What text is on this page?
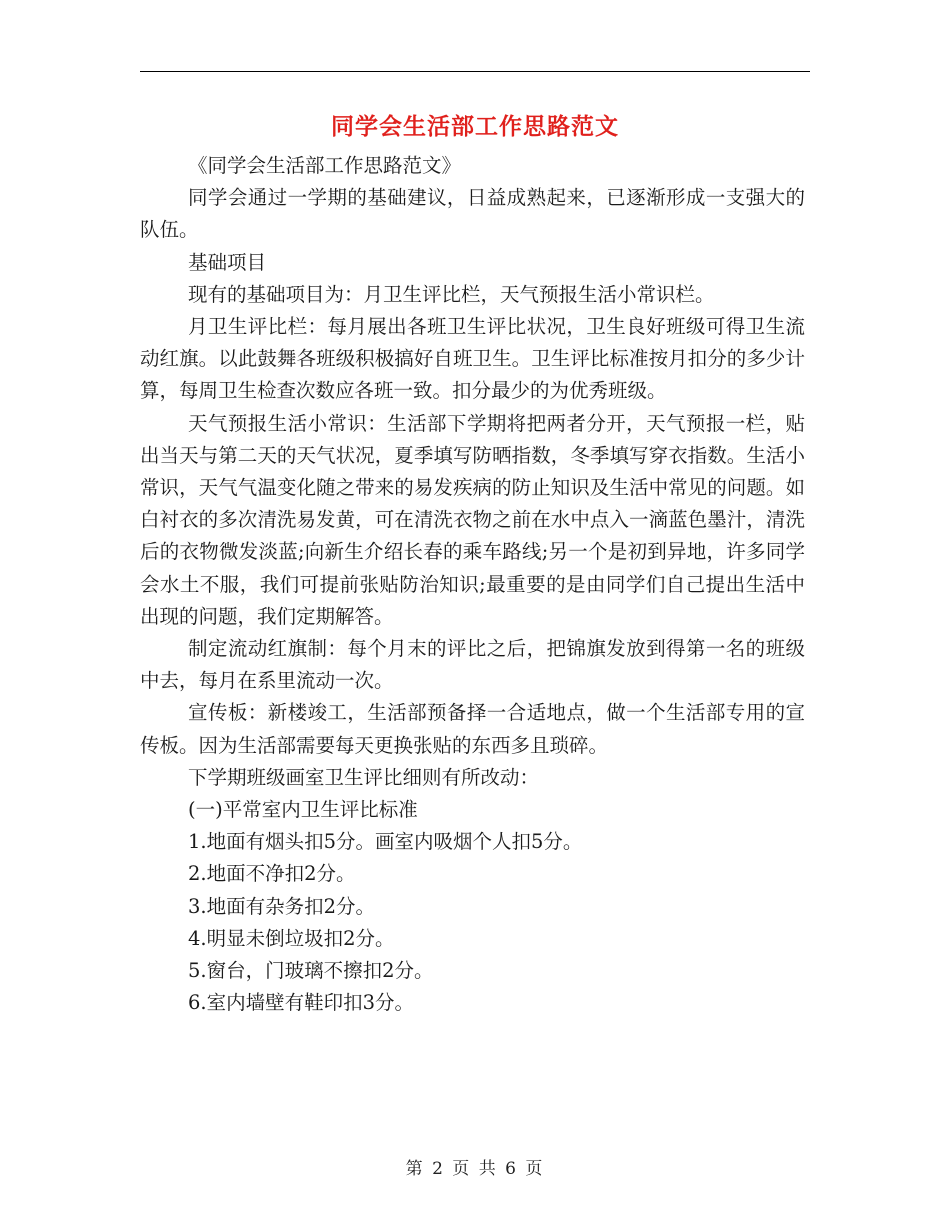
同学会生活部工作思路范文

《同学会生活部工作思路范文》

同学会通过一学期的基础建议，日益成熟起来，已逐渐形成一支强大的队伍。

基础项目

现有的基础项目为：月卫生评比栏，天气预报生活小常识栏。

月卫生评比栏：每月展出各班卫生评比状况，卫生良好班级可得卫生流动红旗。以此鼓舞各班级积极搞好自班卫生。卫生评比标准按月扣分的多少计算，每周卫生检查次数应各班一致。扣分最少的为优秀班级。

天气预报生活小常识：生活部下学期将把两者分开，天气预报一栏，贴出当天与第二天的天气状况，夏季填写防晒指数，冬季填写穿衣指数。生活小常识，天气气温变化随之带来的易发疾病的防止知识及生活中常见的问题。如白衬衣的多次清洗易发黄，可在清洗衣物之前在水中点入一滴蓝色墨汁，清洗后的衣物微发淡蓝;向新生介绍长春的乘车路线;另一个是初到异地，许多同学会水土不服，我们可提前张贴防治知识;最重要的是由同学们自己提出生活中出现的问题，我们定期解答。

制定流动红旗制：每个月末的评比之后，把锦旗发放到得第一名的班级中去，每月在系里流动一次。

宣传板：新楼竣工，生活部预备择一合适地点，做一个生活部专用的宣传板。因为生活部需要每天更换张贴的东西多且琐碎。

下学期班级画室卫生评比细则有所改动：

(一)平常室内卫生评比标准

1.地面有烟头扣5分。画室内吸烟个人扣5分。

2.地面不净扣2分。

3.地面有杂务扣2分。

4.明显未倒垃圾扣2分。

5.窗台，门玻璃不擦扣2分。

6.室内墙壁有鞋印扣3分。

第 2 页 共 6 页
